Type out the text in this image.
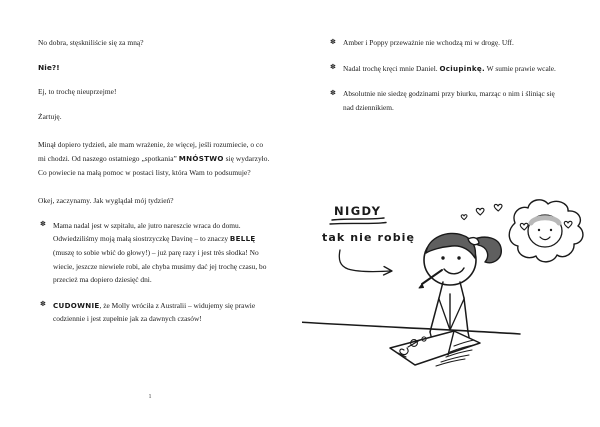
No dobra, stęskniliście się za mną?

Nie?!

Ej, to trochę nieuprzejme!

Żartuję.

Minął dopiero tydzień, ale mam wrażenie, że więcej, jeśli rozumiecie, o co mi chodzi. Od naszego ostatniego „spotkania” MNÓSTWO się wydarzyło. Co powiecie na małą pomoc w postaci listy, która Wam to podsumuje?

Okej, zaczynamy. Jak wyglądał mój tydzień?

✽ Mama nadal jest w szpitalu, ale jutro nareszcie wraca do domu. Odwiedziliśmy moją małą siostrzyczkę Davinę – to znaczy BELLĘ (muszę to sobie wbić do głowy!) – już parę razy i jest très słodka! No wiecie, jeszcze niewiele robi, ale chyba musimy dać jej trochę czasu, bo przecież ma dopiero dziesięć dni.
✽ CUDOWNIE, że Molly wróciła z Australii – widujemy się prawie codziennie i jest zupełnie jak za dawnych czasów!
1
✽ Amber i Poppy przeważnie nie wchodzą mi w drogę. Uff.
✽ Nadal trochę kręci mnie Daniel. Ociupinkę. W sumie prawie wcale.
✽ Absolutnie nie siedzę godzinami przy biurku, marząc o nim i śliniąc się nad dziennikiem.
NIGDY
tak nie robię
